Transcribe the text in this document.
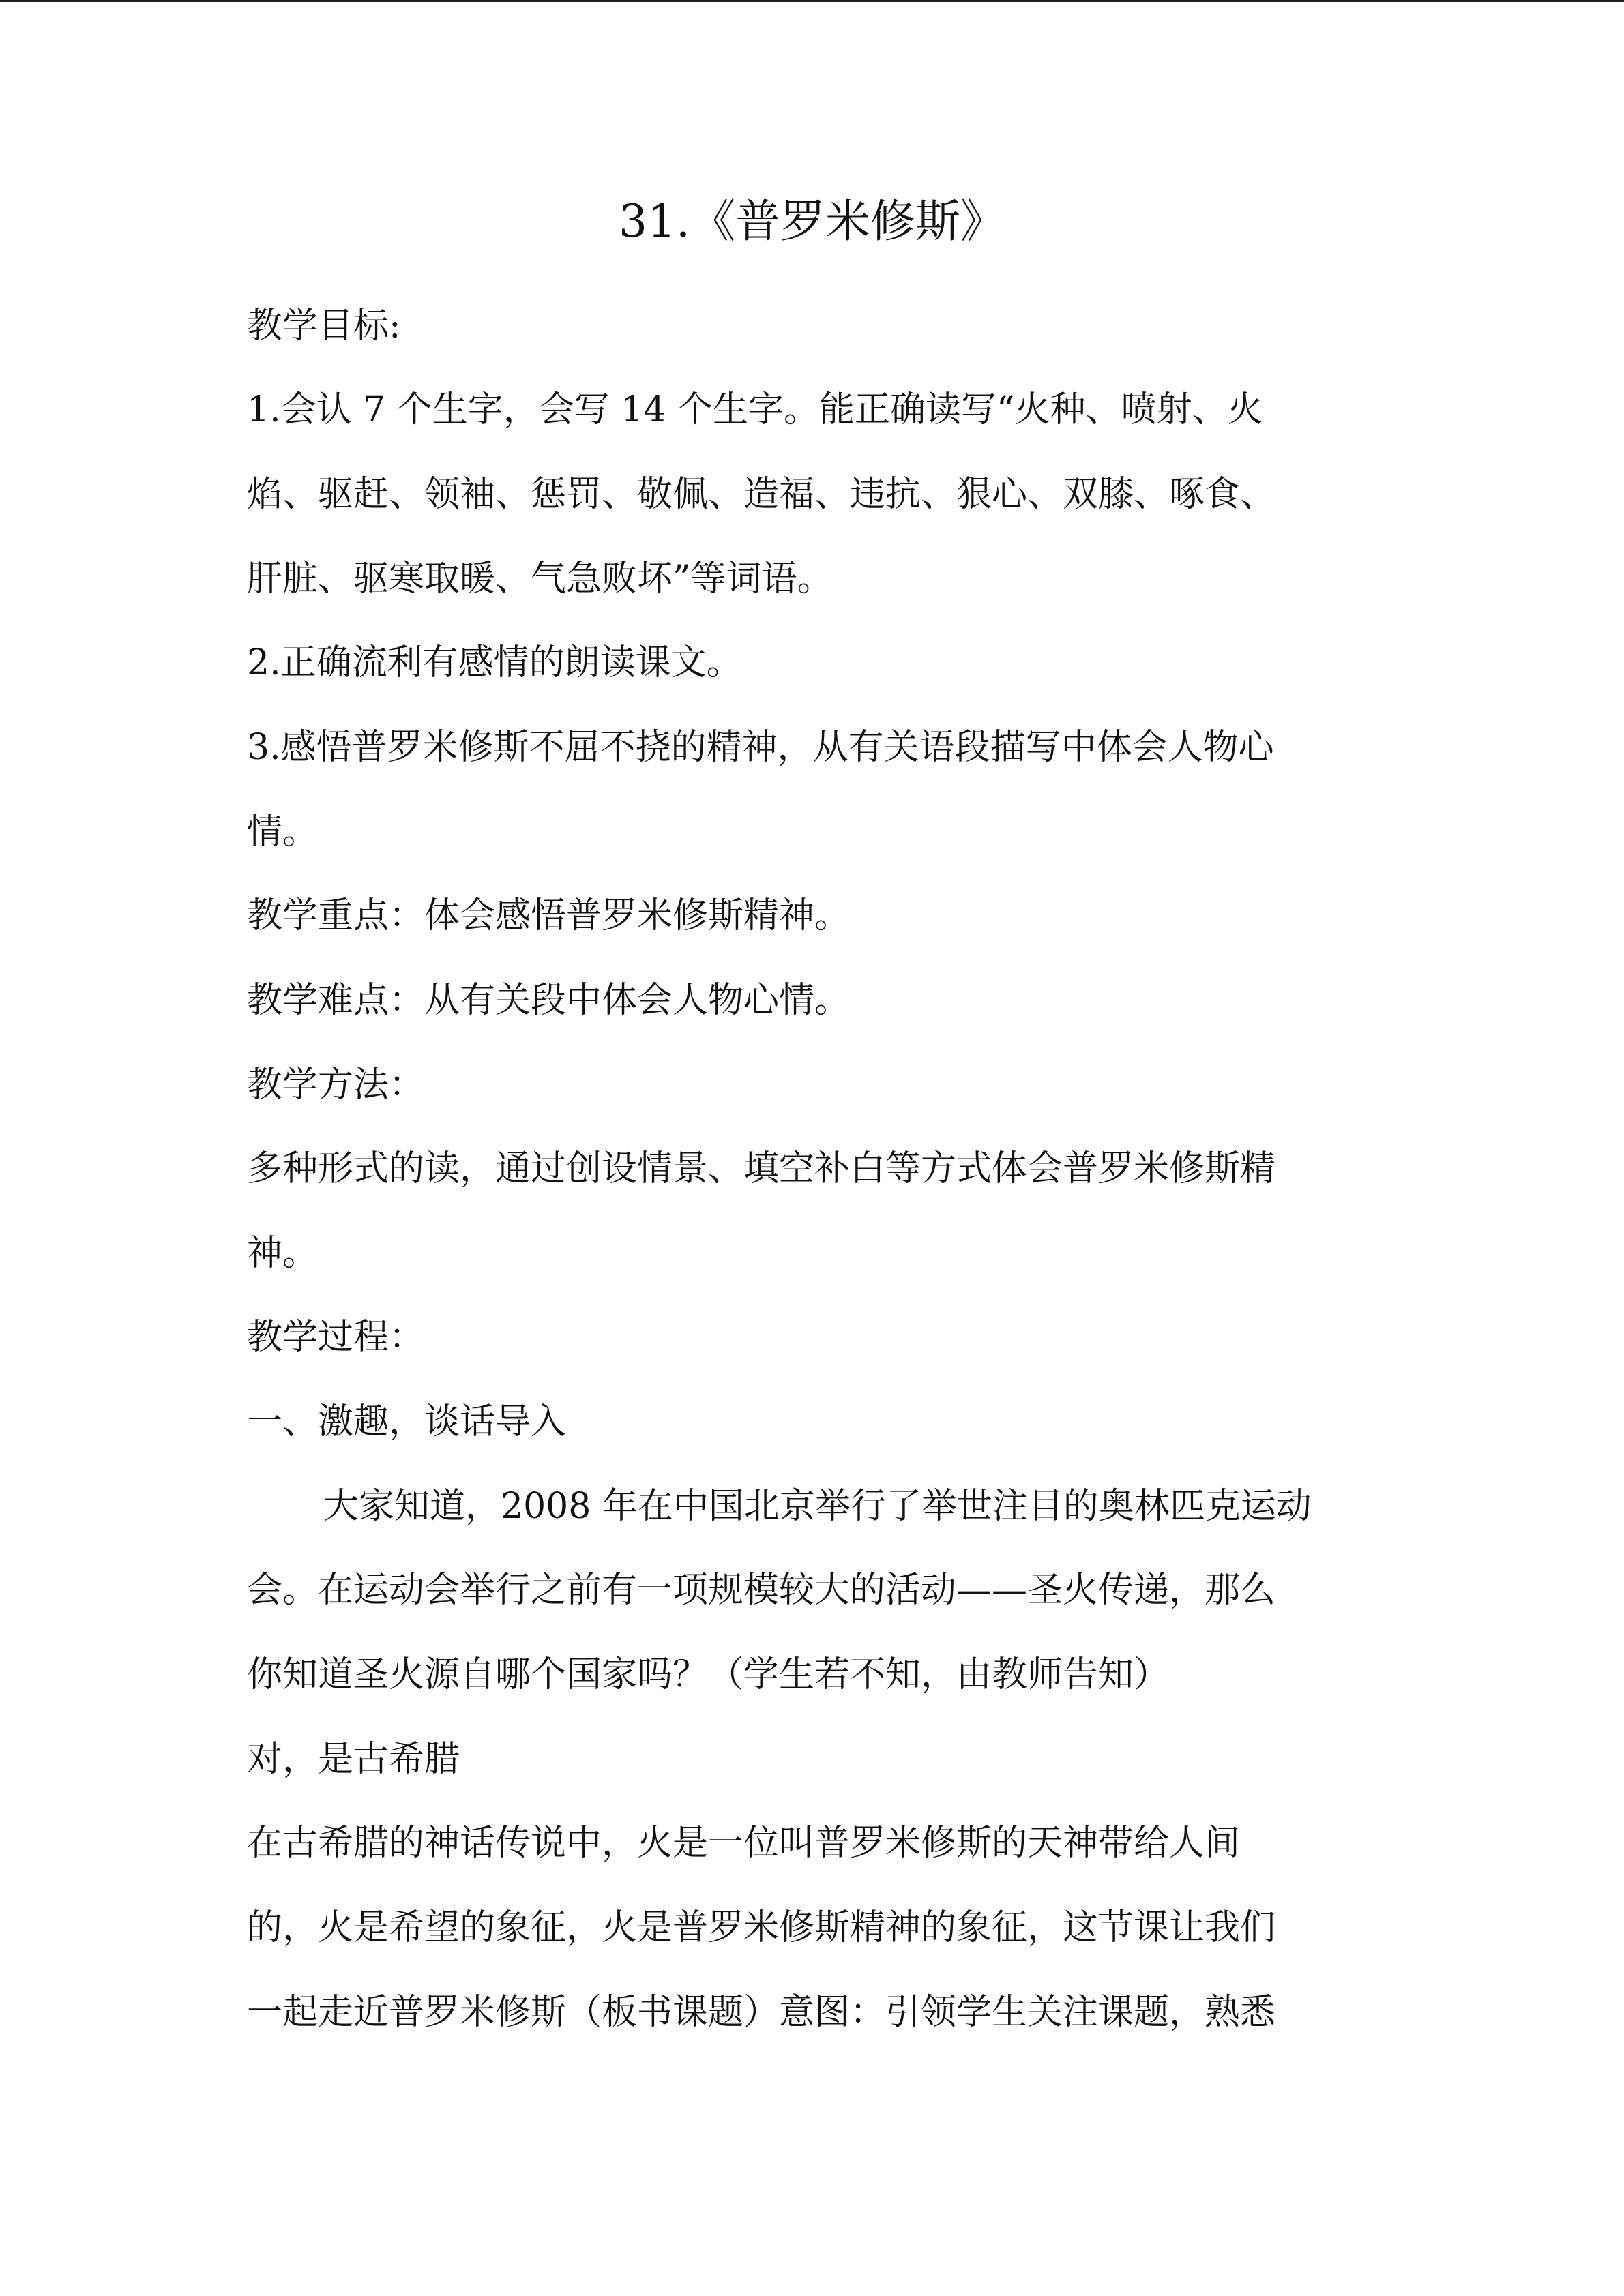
31.《普罗米修斯》
教学目标:
1.会认 7 个生字，会写 14 个生字。能正确读写“火种、喷射、火
焰、驱赶、领袖、惩罚、敬佩、造福、违抗、狠心、双膝、啄食、
肝脏、驱寒取暖、气急败坏”等词语。
2.正确流利有感情的朗读课文。
3.感悟普罗米修斯不屈不挠的精神，从有关语段描写中体会人物心
情。
教学重点：体会感悟普罗米修斯精神。
教学难点：从有关段中体会人物心情。
教学方法：
多种形式的读，通过创设情景、填空补白等方式体会普罗米修斯精
神。
教学过程：
一、激趣，谈话导入
大家知道，2008 年在中国北京举行了举世注目的奥林匹克运动
会。在运动会举行之前有一项规模较大的活动——圣火传递，那么
你知道圣火源自哪个国家吗？（学生若不知，由教师告知）
对，是古希腊
在古希腊的神话传说中，火是一位叫普罗米修斯的天神带给人间
的，火是希望的象征，火是普罗米修斯精神的象征，这节课让我们
一起走近普罗米修斯（板书课题）意图：引领学生关注课题，熟悉
